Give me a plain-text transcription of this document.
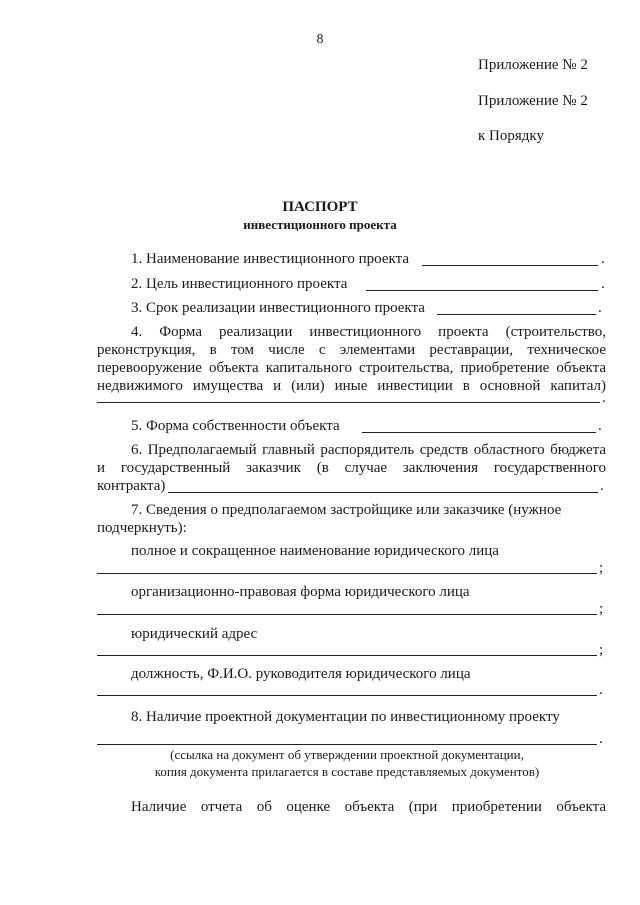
8
Приложение № 2
Приложение № 2
к Порядку
ПАСПОРТ
инвестиционного проекта
1. Наименование инвестиционного проекта	.
2. Цель инвестиционного проекта	.
3. Срок реализации инвестиционного проекта	.
4. Форма реализации инвестиционного проекта (строительство,
реконструкция, в том числе с элементами реставрации, техническое
перевооружение объекта капитального строительства, приобретение объекта
недвижимого имущества и (или) иные инвестиции в основной капитал)
.
5. Форма собственности объекта	.
6. Предполагаемый главный распорядитель средств областного бюджета
и государственный заказчик (в случае заключения государственного
контракта)	.
7. Сведения о предполагаемом застройщике или заказчике (нужное
подчеркнуть):
полное и сокращенное наименование юридического лица
;
организационно-правовая форма юридического лица
;
юридический адрес
;
должность, Ф.И.О. руководителя юридического лица
.
8. Наличие проектной документации по инвестиционному проекту
.
(ссылка на документ об утверждении проектной документации,
копия документа прилагается в составе представляемых документов)
Наличие отчета об оценке объекта (при приобретении объекта
